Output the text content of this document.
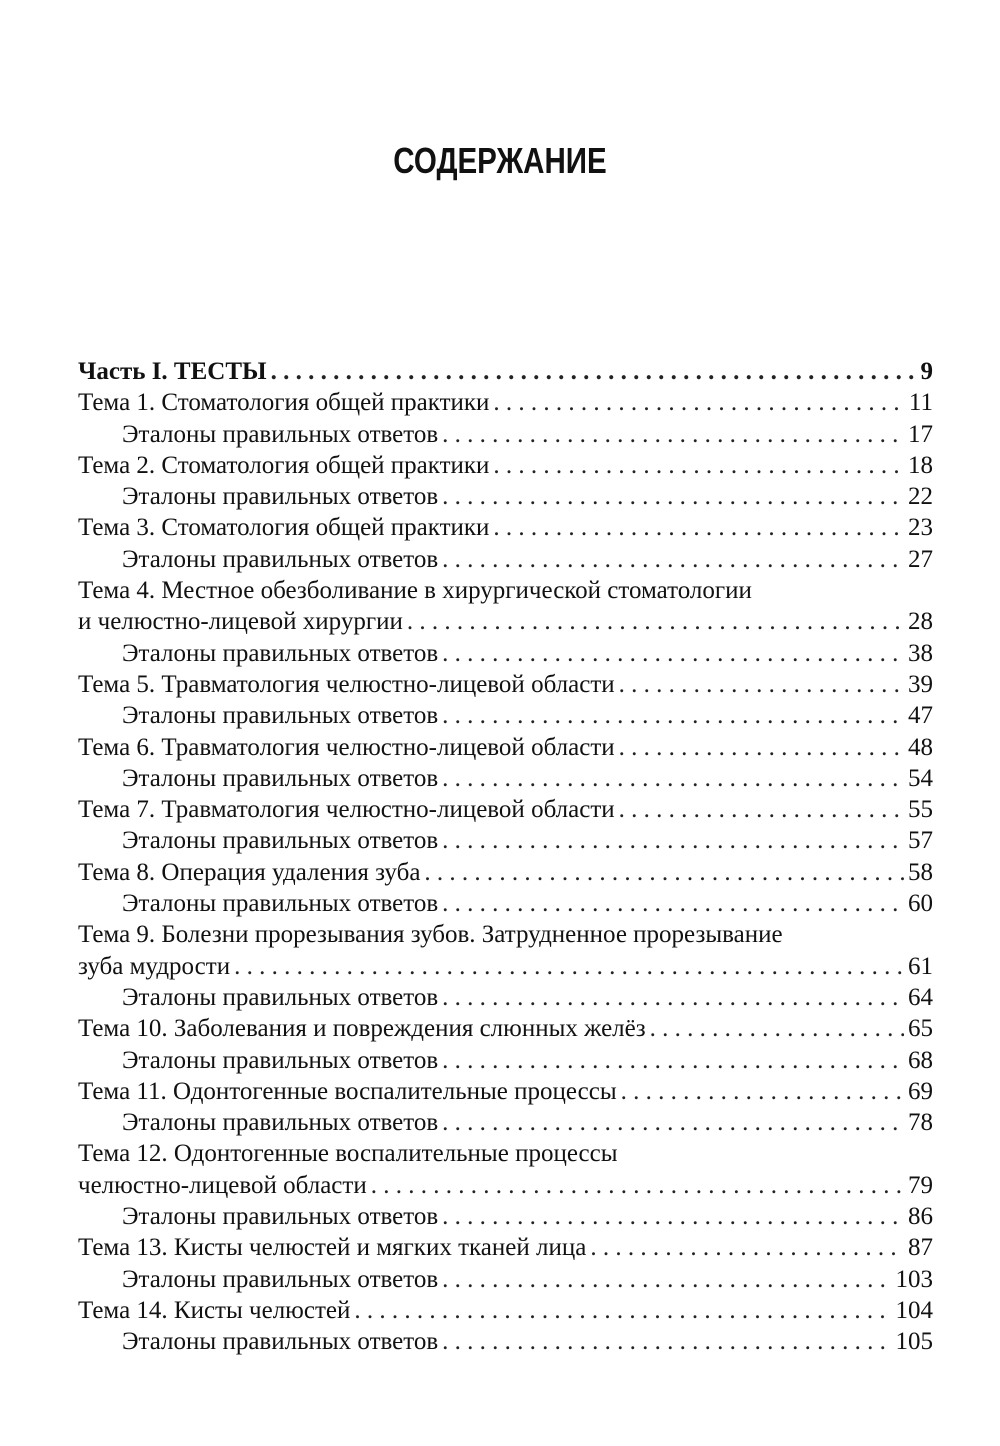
СОДЕРЖАНИЕ
Часть I. ТЕСТЫ . . .	9
Тема 1. Стоматология общей практики . . .	11
Эталоны правильных ответов . . .	17
Тема 2. Стоматология общей практики . . .	18
Эталоны правильных ответов . . .	22
Тема 3. Стоматология общей практики . . .	23
Эталоны правильных ответов . . .	27
Тема 4. Местное обезболивание в хирургической стоматологии
и челюстно-лицевой хирургии . . .	28
Эталоны правильных ответов . . .	38
Тема 5. Травматология челюстно-лицевой области . . .	39
Эталоны правильных ответов . . .	47
Тема 6. Травматология челюстно-лицевой области . . .	48
Эталоны правильных ответов . . .	54
Тема 7. Травматология челюстно-лицевой области . . .	55
Эталоны правильных ответов . . .	57
Тема 8. Операция удаления зуба . . .	58
Эталоны правильных ответов . . .	60
Тема 9. Болезни прорезывания зубов. Затрудненное прорезывание
зуба мудрости . . .	61
Эталоны правильных ответов . . .	64
Тема 10. Заболевания и повреждения слюнных желёз . . .	65
Эталоны правильных ответов . . .	68
Тема 11. Одонтогенные воспалительные процессы . . .	69
Эталоны правильных ответов . . .	78
Тема 12. Одонтогенные воспалительные процессы
челюстно-лицевой области . . .	79
Эталоны правильных ответов . . .	86
Тема 13. Кисты челюстей и мягких тканей лица . . .	87
Эталоны правильных ответов . . .	103
Тема 14. Кисты челюстей . . .	104
Эталоны правильных ответов . . .	105
